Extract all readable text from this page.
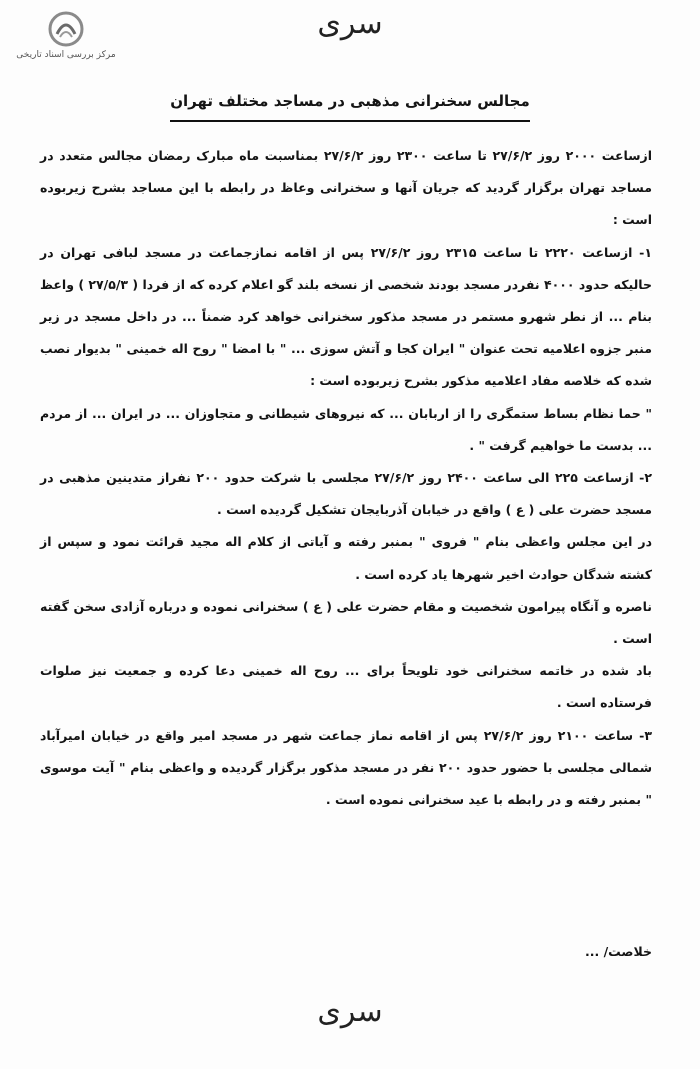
مرکز بررسی اسناد تاریخی
سری
مجالس سخنرانی مذهبی در مساجد مختلف تهران

ازساعت ۲۰۰۰ روز ۲۷/۶/۲ تا ساعت ۲۳۰۰ روز ۲۷/۶/۲ بمناسبت ماه مبارک رمضان مجالس متعدد در مساجد تهران برگزار گردید که جریان آنها و سخنرانی وعاظ در رابطه با این مساجد بشرح زیربوده است :

۱- ازساعت ۲۲۲۰ تا ساعت ۲۳۱۵ روز ۲۷/۶/۲ پس از اقامه نمازجماعت در مسجد لبافی تهران در حالیکه حدود ۴۰۰۰ نفردر مسجد بودند شخصی از نسخه بلند گو اعلام کرده که از فردا ( ۲۷/۵/۳ ) واعظ بنام ... از نطر شهرو مستمر در مسجد مذکور سخنرانی خواهد کرد ضمناً ... در داخل مسجد در زیر منبر جزوه اعلامیه تحت عنوان " ایران کجا و آتش سوزی ... " با امضا " روح اله خمینی " بدیوار نصب شده که خلاصه مفاد اعلامیه مذکور بشرح زیربوده است :

" حما نظام بساط ستمگری را از اربابان ... که نیروهای شیطانی و متجاوزان ... در ایران ... از مردم ... بدست ما خواهیم گرفت " .

۲- ازساعت ۲۲۵ الی ساعت ۲۴۰۰ روز ۲۷/۶/۲ مجلسی با شرکت حدود ۲۰۰ نفراز متدینین مذهبی در مسجد حضرت علی ( ع ) واقع در خیابان آذربایجان تشکیل گردیده است .

در این مجلس واعظی بنام " فروی " بمنبر رفته و آیاتی از کلام اله مجید قرائت نمود و سپس از کشته شدگان حوادث اخیر شهرها یاد کرده است .

ناصره و آنگاه پیرامون شخصیت و مقام حضرت علی ( ع ) سخنرانی نموده و درباره آزادی سخن گفته است .

باد شده در خاتمه سخنرانی خود تلویحاً برای ... روح اله خمینی دعا کرده و جمعیت نیز صلوات فرستاده است .

۳- ساعت ۲۱۰۰ روز ۲۷/۶/۲ پس از اقامه نماز جماعت شهر در مسجد امیر واقع در خیابان امیرآباد شمالی مجلسی با حضور حدود ۲۰۰ نفر در مسجد مذکور برگزار گردیده و واعظی بنام " آیت موسوی " بمنبر رفته و در رابطه با عید سخنرانی نموده است .

خلاصت/ ...
سری
